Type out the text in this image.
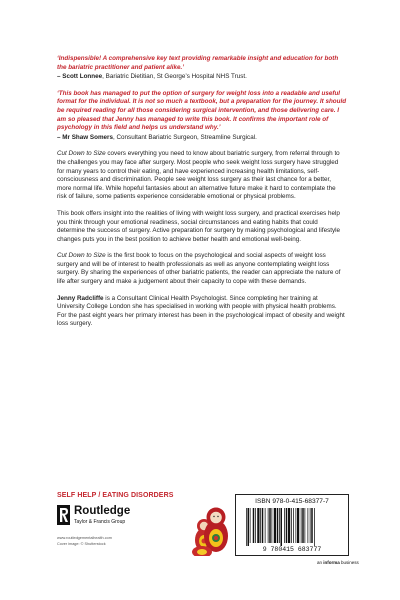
‘Indispensible! A comprehensive key text providing remarkable insight and education for both the bariatric practitioner and patient alike.’

– Scott Lonnee, Bariatric Dietitian, St George’s Hospital NHS Trust.

‘This book has managed to put the option of surgery for weight loss into a readable and useful format for the individual. It is not so much a textbook, but a preparation for the journey. It should be required reading for all those considering surgical intervention, and those delivering care. I am so pleased that Jenny has managed to write this book. It confirms the important role of psychology in this field and helps us understand why.’

– Mr Shaw Somers, Consultant Bariatric Surgeon, Streamline Surgical.

Cut Down to Size covers everything you need to know about bariatric surgery, from referral through to the challenges you may face after surgery. Most people who seek weight loss surgery have struggled for many years to control their eating, and have experienced increasing health limitations, self-consciousness and discrimination. People see weight loss surgery as their last chance for a better, more normal life. While hopeful fantasies about an alternative future make it hard to contemplate the risk of failure, some patients experience considerable emotional or physical problems.

This book offers insight into the realities of living with weight loss surgery, and practical exercises help you think through your emotional readiness, social circumstances and eating habits that could determine the success of surgery. Active preparation for surgery by making psychological and lifestyle changes puts you in the best position to achieve better health and emotional well-being.

Cut Down to Size is the first book to focus on the psychological and social aspects of weight loss surgery and will be of interest to health professionals as well as anyone contemplating weight loss surgery. By sharing the experiences of other bariatric patients, the reader can appreciate the nature of life after surgery and make a judgement about their capacity to cope with these demands.

Jenny Radcliffe is a Consultant Clinical Health Psychologist. Since completing her training at University College London she has specialised in working with people with physical health problems. For the past eight years her primary interest has been in the psychological impact of obesity and weight loss surgery.

SELF HELP / EATING DISORDERS
Routledge
Taylor & Francis Group
www.routledgementalhealth.com
Cover image: © Shutterstock
ISBN 978-0-415-68377-7
9 780415 683777
an informa business
